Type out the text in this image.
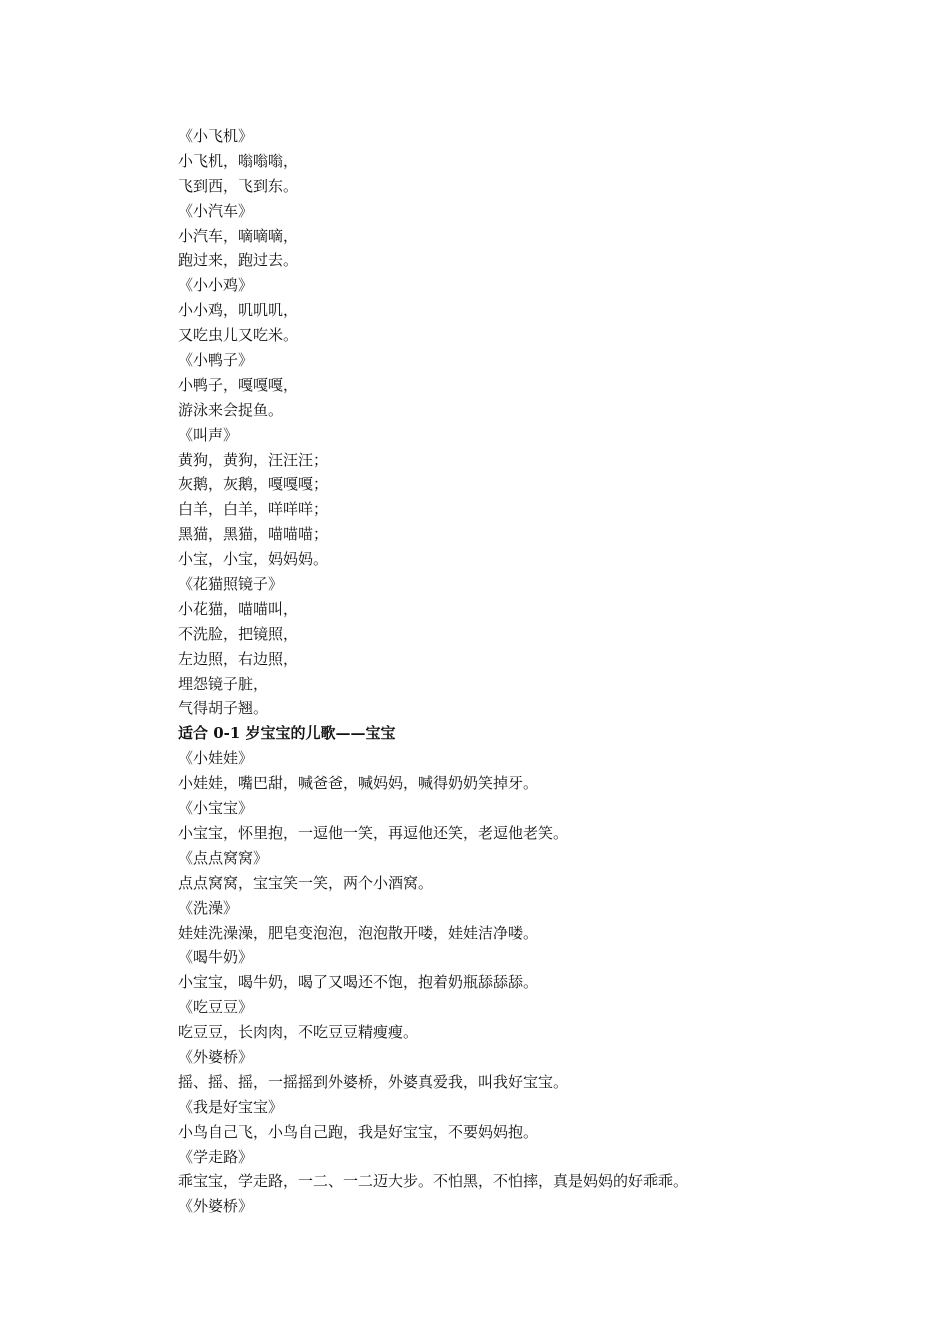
《小飞机》
小飞机，嗡嗡嗡，
飞到西，飞到东。
《小汽车》
小汽车，嘀嘀嘀，
跑过来，跑过去。
《小小鸡》
小小鸡，叽叽叽，
又吃虫儿又吃米。
《小鸭子》
小鸭子，嘎嘎嘎，
游泳来会捉鱼。
《叫声》
黄狗，黄狗，汪汪汪；
灰鹅，灰鹅，嘎嘎嘎；
白羊，白羊，咩咩咩；
黑猫，黑猫，喵喵喵；
小宝，小宝，妈妈妈。
《花猫照镜子》
小花猫，喵喵叫，
不洗脸，把镜照，
左边照，右边照，
埋怨镜子脏，
气得胡子翘。
适合 0-1 岁宝宝的儿歌——宝宝
《小娃娃》
小娃娃，嘴巴甜，喊爸爸，喊妈妈，喊得奶奶笑掉牙。
《小宝宝》
小宝宝，怀里抱，一逗他一笑，再逗他还笑，老逗他老笑。
《点点窝窝》
点点窝窝，宝宝笑一笑，两个小酒窝。
《洗澡》
娃娃洗澡澡，肥皂变泡泡，泡泡散开喽，娃娃洁净喽。
《喝牛奶》
小宝宝，喝牛奶，喝了又喝还不饱，抱着奶瓶舔舔舔。
《吃豆豆》
吃豆豆，长肉肉，不吃豆豆精瘦瘦。
《外婆桥》
摇、摇、摇，一摇摇到外婆桥，外婆真爱我，叫我好宝宝。
《我是好宝宝》
小鸟自己飞，小鸟自己跑，我是好宝宝，不要妈妈抱。
《学走路》
乖宝宝，学走路，一二、一二迈大步。不怕黑，不怕摔，真是妈妈的好乖乖。
《外婆桥》
